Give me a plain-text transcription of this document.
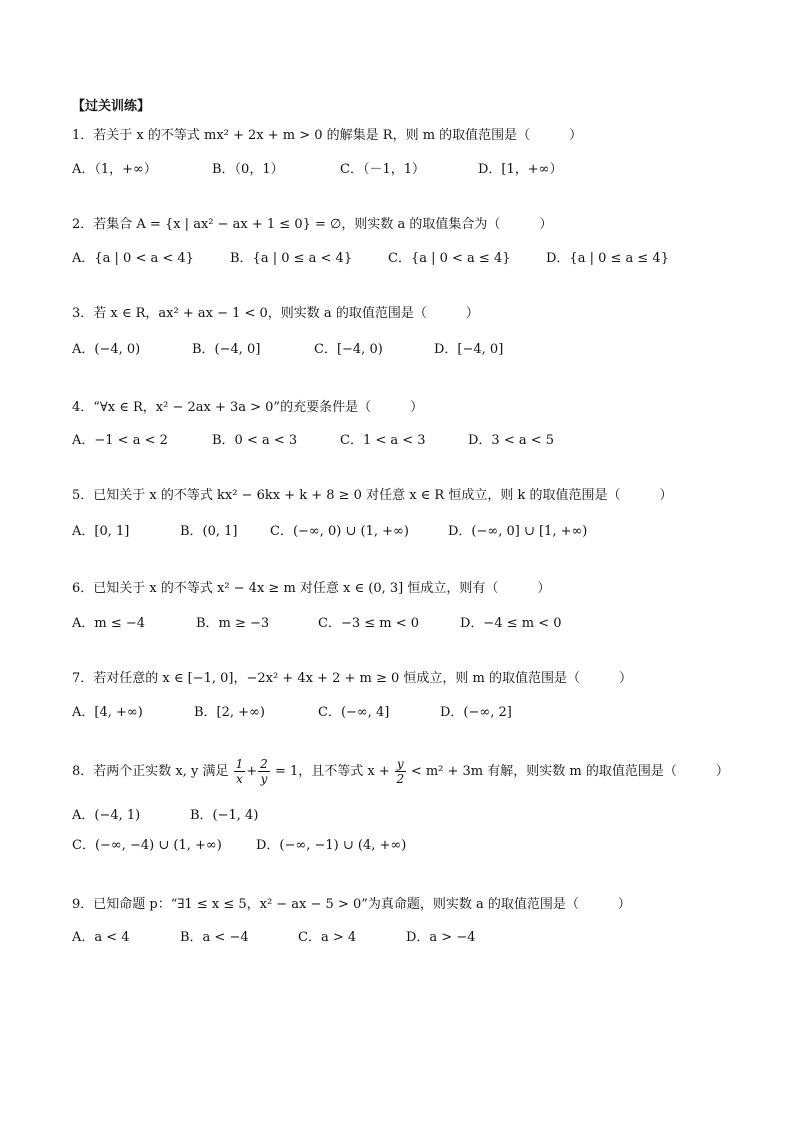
【过关训练】
1．若关于 x 的不等式 mx² + 2x + m > 0 的解集是 R，则 m 的取值范围是（　　　）
A．（1，+∞）	B．（0，1）	C．（－1，1）	D．[1，+∞）
2．若集合 A = {x | ax² − ax + 1 ≤ 0} = ∅，则实数 a 的取值集合为（　　　）
A．{a | 0 < a < 4}	B．{a | 0 ≤ a < 4}	C．{a | 0 < a ≤ 4}	D．{a | 0 ≤ a ≤ 4}
3．若 x ∈ R，ax² + ax − 1 < 0，则实数 a 的取值范围是（　　　）
A．(−4, 0)	B．(−4, 0]	C．[−4, 0)	D．[−4, 0]
4．“∀x ∈ R，x² − 2ax + 3a > 0”的充要条件是（　　　）
A．−1 < a < 2	B．0 < a < 3	C．1 < a < 3	D．3 < a < 5
5．已知关于 x 的不等式 kx² − 6kx + k + 8 ≥ 0 对任意 x ∈ R 恒成立，则 k 的取值范围是（　　　）
A．[0, 1]	B．(0, 1] C．(−∞, 0) ∪ (1, +∞)	D．(−∞, 0] ∪ [1, +∞)
6．已知关于 x 的不等式 x² − 4x ≥ m 对任意 x ∈ (0, 3] 恒成立，则有（　　　）
A．m ≤ −4	B．m ≥ −3	C．−3 ≤ m < 0	D．−4 ≤ m < 0
7．若对任意的 x ∈ [−1, 0]，−2x² + 4x + 2 + m ≥ 0 恒成立，则 m 的取值范围是（　　　）
A．[4, +∞)	B．[2, +∞)	C．(−∞, 4]	D．(−∞, 2]
8．若两个正实数 x, y 满足 $\frac{1}{x} + \frac{2}{y} = 1$，且不等式 $x + \frac{y}{2} < m^2 + 3m$ 有解，则实数 m 的取值范围是（　　　）
A．(−4, 1)	B．(−1, 4)
C．(−∞, −4) ∪ (1, +∞)	D．(−∞, −1) ∪ (4, +∞)
9．已知命题 p：“∃1 ≤ x ≤ 5，x² − ax − 5 > 0”为真命题，则实数 a 的取值范围是（　　　）
A．a < 4	B．a < −4	C．a > 4	D．a > −4
